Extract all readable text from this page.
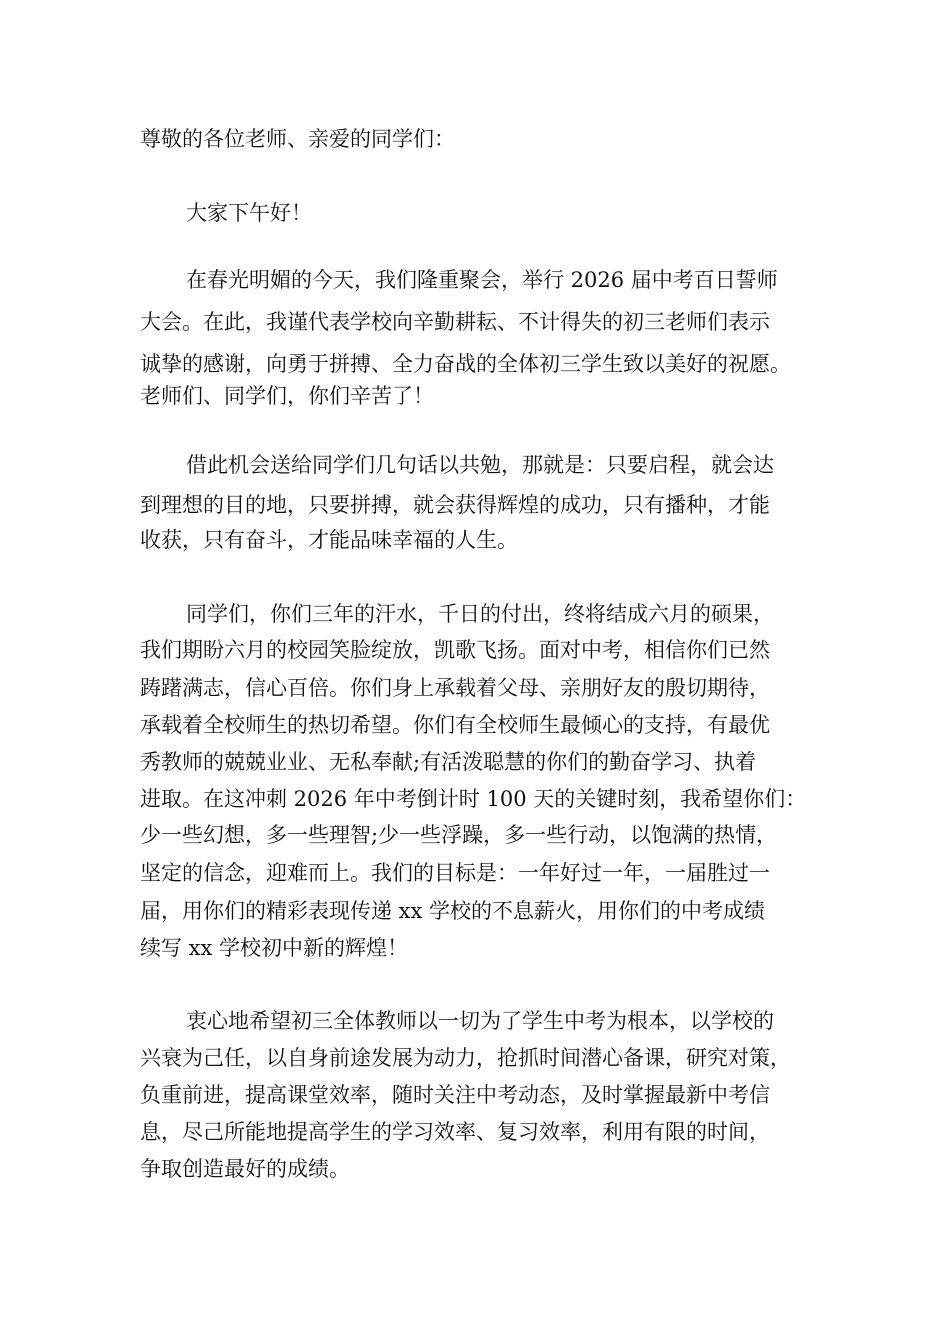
尊敬的各位老师、亲爱的同学们：
大家下午好！
在春光明媚的今天，我们隆重聚会，举行 2026 届中考百日誓师
大会。在此，我谨代表学校向辛勤耕耘、不计得失的初三老师们表示
诚挚的感谢，向勇于拼搏、全力奋战的全体初三学生致以美好的祝愿。
老师们、同学们，你们辛苦了！
借此机会送给同学们几句话以共勉，那就是：只要启程，就会达
到理想的目的地，只要拼搏，就会获得辉煌的成功，只有播种，才能
收获，只有奋斗，才能品味幸福的人生。
同学们，你们三年的汗水，千日的付出，终将结成六月的硕果，
我们期盼六月的校园笑脸绽放，凯歌飞扬。面对中考，相信你们已然
踌躇满志，信心百倍。你们身上承载着父母、亲朋好友的殷切期待，
承载着全校师生的热切希望。你们有全校师生最倾心的支持，有最优
秀教师的兢兢业业、无私奉献;有活泼聪慧的你们的勤奋学习、执着
进取。在这冲刺 2026 年中考倒计时 100 天的关键时刻，我希望你们：
少一些幻想，多一些理智;少一些浮躁，多一些行动，以饱满的热情，
坚定的信念，迎难而上。我们的目标是：一年好过一年，一届胜过一
届，用你们的精彩表现传递 xx 学校的不息薪火，用你们的中考成绩
续写 xx 学校初中新的辉煌！
衷心地希望初三全体教师以一切为了学生中考为根本，以学校的
兴衰为己任，以自身前途发展为动力，抢抓时间潜心备课，研究对策，
负重前进，提高课堂效率，随时关注中考动态，及时掌握最新中考信
息，尽己所能地提高学生的学习效率、复习效率，利用有限的时间，
争取创造最好的成绩。
